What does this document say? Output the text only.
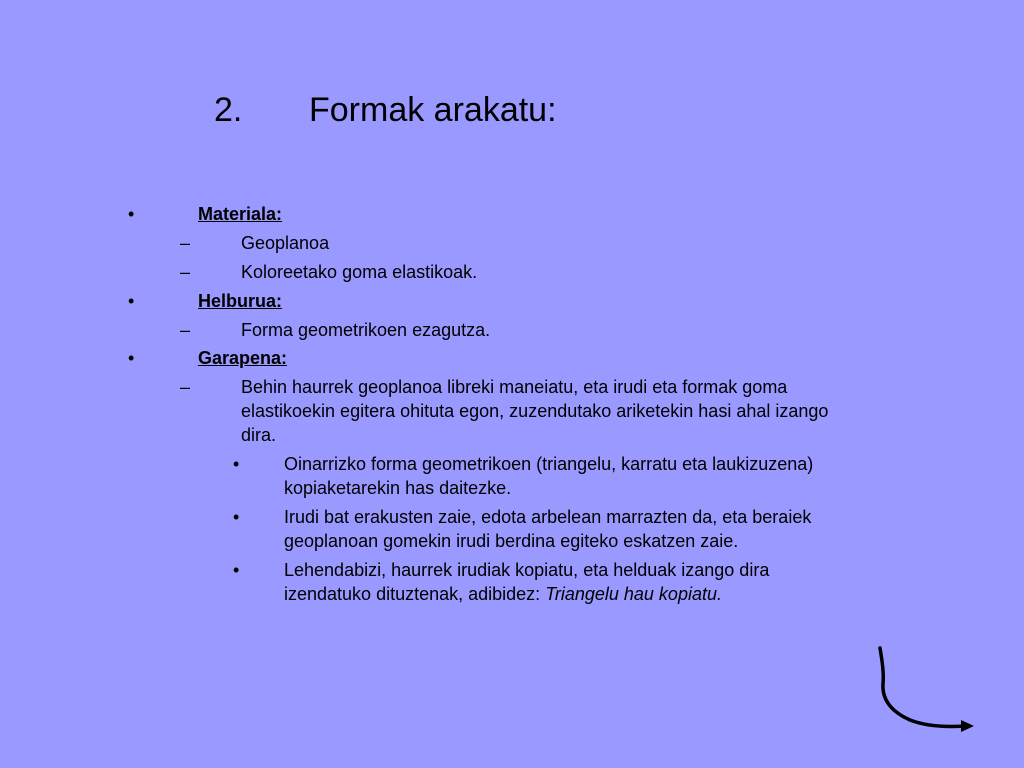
2. Formak arakatu:
•	Materiala:
–	Geoplanoa
–	Koloreetako goma elastikoak.
•	Helburua:
–	Forma geometrikoen ezagutza.
•	Garapena:
–	Behin haurrek geoplanoa libreki maneiatu, eta irudi eta formak goma elastikoekin egitera ohituta egon, zuzendutako ariketekin hasi ahal izango dira.
• Oinarrizko forma geometrikoen (triangelu, karratu eta laukizuzena) kopiaketarekin has daitezke.
• Irudi bat erakusten zaie, edota arbelean marrazten da, eta beraiek geoplanoan gomekin irudi berdina egiteko eskatzen zaie.
• Lehendabizi, haurrek irudiak kopiatu, eta helduak izango dira izendatuko dituztenak, adibidez: Triangelu hau kopiatu.
